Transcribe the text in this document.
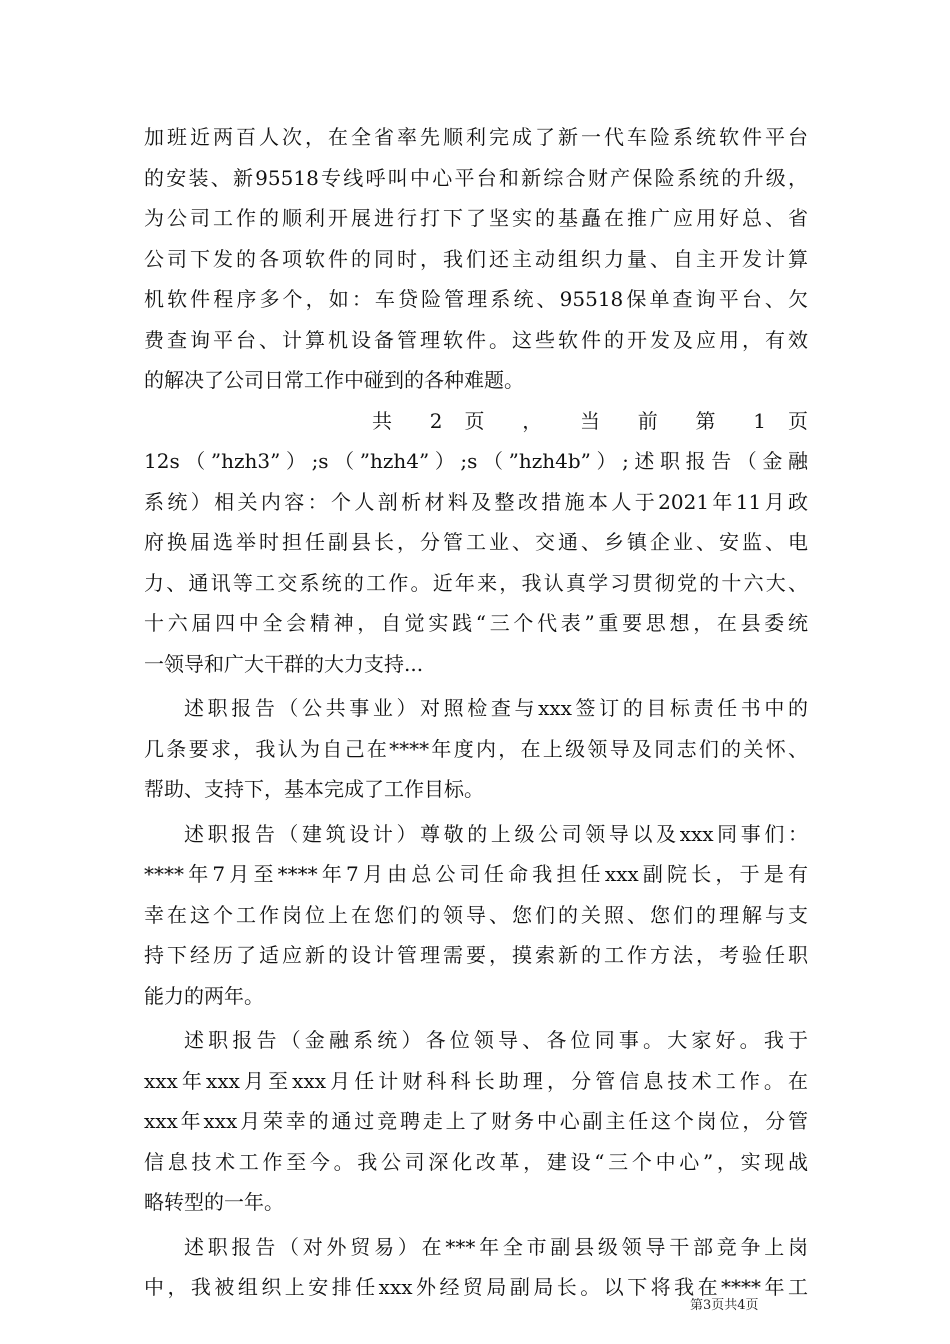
加班近两百人次，在全省率先顺利完成了新一代车险系统软件平台
的安装、新95518专线呼叫中心平台和新综合财产保险系统的升级，
为公司工作的顺利开展进行打下了坚实的基矗在推广应用好总、省
公司下发的各项软件的同时，我们还主动组织力量、自主开发计算
机软件程序多个，如：车贷险管理系统、95518保单查询平台、欠
费查询平台、计算机设备管理软件。这些软件的开发及应用，有效
的解决了公司日常工作中碰到的各种难题。
共 2 页 ， 当 前 第 1 页
12s（”hzh3”）;s（”hzh4”）;s（”hzh4b”）;述职报告（金融
系统）相关内容：个人剖析材料及整改措施本人于2021年11月政
府换届选举时担任副县长，分管工业、交通、乡镇企业、安监、电
力、通讯等工交系统的工作。近年来，我认真学习贯彻党的十六大、
十六届四中全会精神，自觉实践“三个代表”重要思想，在县委统
一领导和广大干群的大力支持...
述职报告（公共事业）对照检查与xxx签订的目标责任书中的
几条要求，我认为自己在****年度内，在上级领导及同志们的关怀、
帮助、支持下，基本完成了工作目标。
述职报告（建筑设计）尊敬的上级公司领导以及xxx同事们：
****年7月至****年7月由总公司任命我担任xxx副院长，于是有
幸在这个工作岗位上在您们的领导、您们的关照、您们的理解与支
持下经历了适应新的设计管理需要，摸索新的工作方法，考验任职
能力的两年。
述职报告（金融系统）各位领导、各位同事。大家好。我于
xxx年xxx月至xxx月任计财科科长助理，分管信息技术工作。在
xxx年xxx月荣幸的通过竞聘走上了财务中心副主任这个岗位，分管
信息技术工作至今。我公司深化改革，建设“三个中心”，实现战
略转型的一年。
述职报告（对外贸易）在***年全市副县级领导干部竞争上岗
中，我被组织上安排任xxx外经贸局副局长。以下将我在****年工
第3页共4页
